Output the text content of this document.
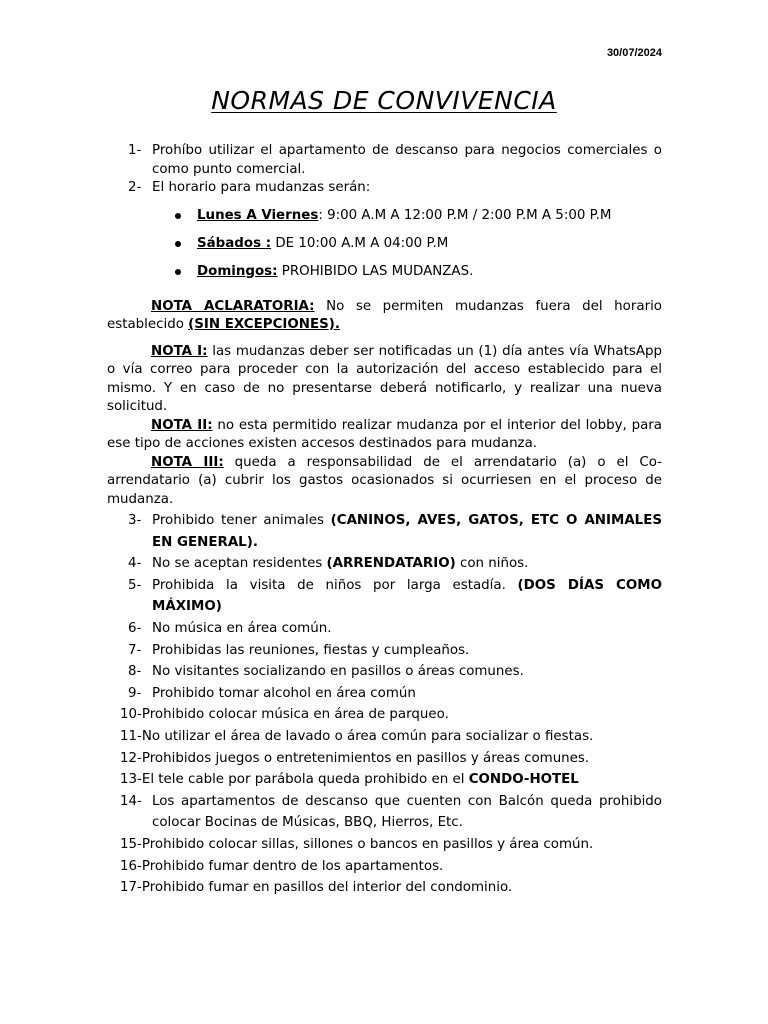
30/07/2024
NORMAS DE CONVIVENCIA
1- Prohíbo utilizar el apartamento de descanso para negocios comerciales o como punto comercial.
2- El horario para mudanzas serán:
Lunes A Viernes: 9:00 A.M A 12:00 P.M / 2:00 P.M A 5:00 P.M
Sábados : DE 10:00 A.M A 04:00 P.M
Domingos: PROHIBIDO LAS MUDANZAS.
NOTA ACLARATORIA: No se permiten mudanzas fuera del horario establecido (SIN EXCEPCIONES).
NOTA I: las mudanzas deber ser notificadas un (1) día antes vía WhatsApp o vía correo para proceder con la autorización del acceso establecido para el mismo. Y en caso de no presentarse deberá notificarlo, y realizar una nueva solicitud.
NOTA II: no esta permitido realizar mudanza por el interior del lobby, para ese tipo de acciones existen accesos destinados para mudanza.
NOTA III: queda a responsabilidad de el arrendatario (a) o el Co-arrendatario (a) cubrir los gastos ocasionados si ocurriesen en el proceso de mudanza.
3- Prohibido tener animales (CANINOS, AVES, GATOS, ETC O ANIMALES EN GENERAL).
4- No se aceptan residentes (ARRENDATARIO) con niños.
5- Prohibida la visita de niños por larga estadía. (DOS DÍAS COMO MÁXIMO)
6- No música en área común.
7- Prohibidas las reuniones, fiestas y cumpleaños.
8- No visitantes socializando en pasillos o áreas comunes.
9- Prohibido tomar alcohol en área común
10-Prohibido colocar música en área de parqueo.
11-No utilizar el área de lavado o área común para socializar o fiestas.
12-Prohibidos juegos o entretenimientos en pasillos y áreas comunes.
13-El tele cable por parábola queda prohibido en el CONDO-HOTEL
14- Los apartamentos de descanso que cuenten con Balcón queda prohibido colocar Bocinas de Músicas, BBQ, Hierros, Etc.
15-Prohibido colocar sillas, sillones o bancos en pasillos y área común.
16-Prohibido fumar dentro de los apartamentos.
17-Prohibido fumar en pasillos del interior del condominio.
